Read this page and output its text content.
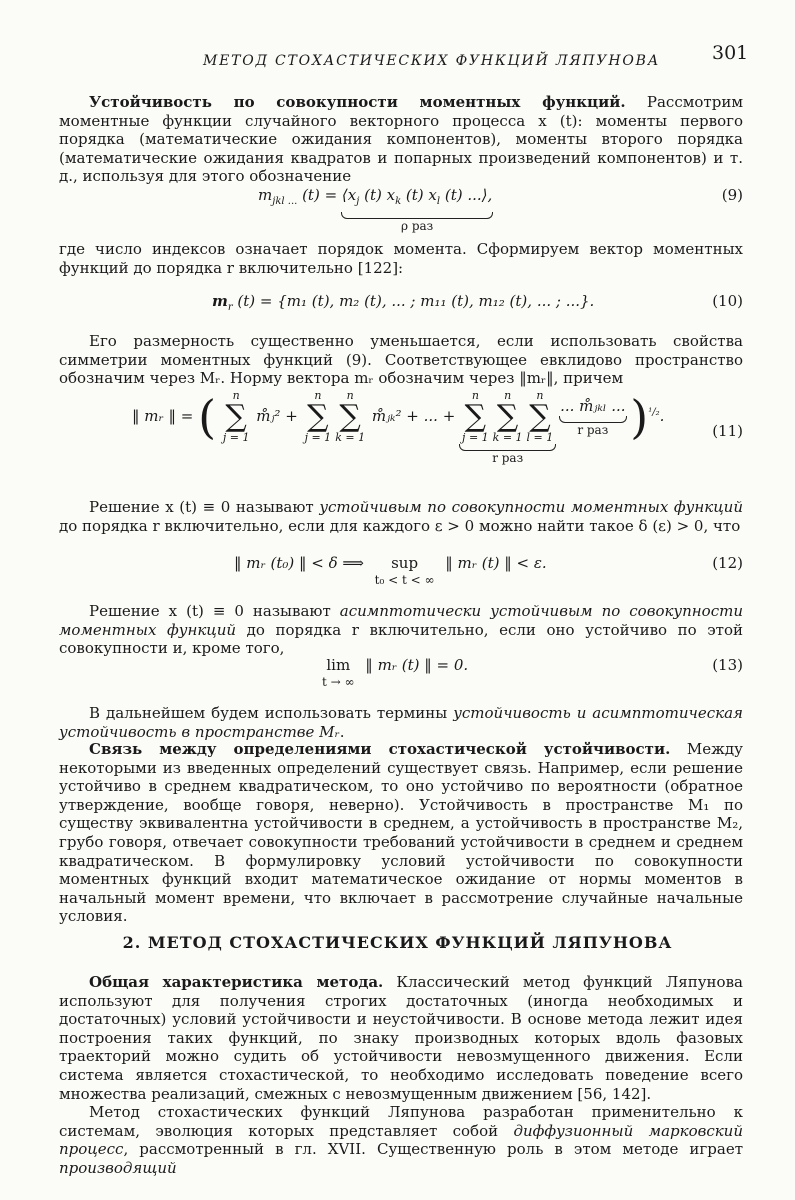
МЕТОД СТОХАСТИЧЕСКИХ ФУНКЦИЙ ЛЯПУНОВА	301
Устойчивость по совокупности моментных функций. Рассмотрим моментные функции случайного векторного процесса x (t): моменты первого порядка (математические ожидания компонентов), моменты второго порядка (математические ожидания квадратов и попарных произведений компонентов) и т. д., используя для этого обозначение
$m_{jkl ...}$ $(t) = ⟨x_j$ (t) $x_k$ (t) $x_l$ (t) ...⟩,
ρ раз
(9)
где число индексов означает порядок момента. Сформируем вектор моментных функций до порядка r включительно [122]:
$m_r$ (t) = {m₁ (t), m₂ (t), ... ; m₁₁ (t), m₁₂ (t), ... ; ...}.	(10)
Его размерность существенно уменьшается, если использовать свойства симметрии моментных функций (9). Соответствующее евклидово пространство обозначим через Mᵣ. Норму вектора mᵣ обозначим через ‖mᵣ‖, причем
‖ mᵣ ‖ = ( n
∑
j = 1
m̊ⱼ² +
n
∑
j = 1
n
∑
k = 1
m̊ⱼₖ² + ... +
n
∑
j = 1
n
∑
k = 1
n
∑
l = 1
r раз

... m̊ⱼₖₗ ...
r раз )$^{^1/_2}$.
(11)
Решение x (t) ≡ 0 называют устойчивым по совокупности моментных функций до порядка r включительно, если для каждого ε > 0 можно найти такое δ (ε) > 0, что
‖ mᵣ (t₀) ‖ < δ ⟹ sup
t₀ < t < ∞
‖ mᵣ (t) ‖ < ε.	(12)
Решение x (t) ≡ 0 называют асимптотически устойчивым по совокупности моментных функций до порядка r включительно, если оно устойчиво по этой совокупности и, кроме того,
lim
t → ∞
‖ mᵣ (t) ‖ = 0.	(13)
В дальнейшем будем использовать термины устойчивость и асимптотическая устойчивость в пространстве Mᵣ.
Связь между определениями стохастической устойчивости. Между некоторыми из введенных определений существует связь. Например, если решение устойчиво в среднем квадратическом, то оно устойчиво по вероятности (обратное утверждение, вообще говоря, неверно). Устойчивость в пространстве M₁ по существу эквивалентна устойчивости в среднем, а устойчивость в пространстве M₂, грубо говоря, отвечает совокупности требований устойчивости в среднем и среднем квадратическом. В формулировку условий устойчивости по совокупности моментных функций входит математическое ожидание от нормы моментов в начальный момент времени, что включает в рассмотрение случайные начальные условия.
2. МЕТОД СТОХАСТИЧЕСКИХ ФУНКЦИЙ ЛЯПУНОВА
Общая характеристика метода. Классический метод функций Ляпунова используют для получения строгих достаточных (иногда необходимых и достаточных) условий устойчивости и неустойчивости. В основе метода лежит идея построения таких функций, по знаку производных которых вдоль фазовых траекторий можно судить об устойчивости невозмущенного движения. Если система является стохастической, то необходимо исследовать поведение всего множества реализаций, смежных с невозмущенным движением [56, 142].
Метод стохастических функций Ляпунова разработан применительно к системам, эволюция которых представляет собой диффузионный марковский процесс, рассмотренный в гл. XVII. Существенную роль в этом методе играет производящий
